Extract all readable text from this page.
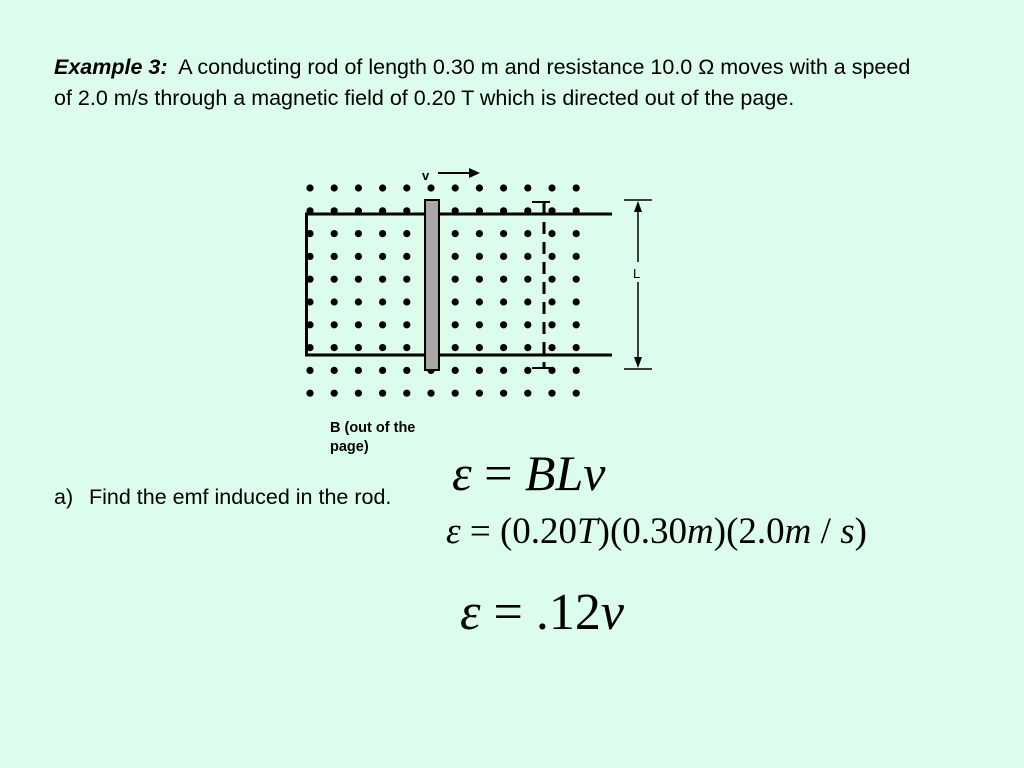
Example 3: A conducting rod of length 0.30 m and resistance 10.0 Ω moves with a speed of 2.0 m/s through a magnetic field of 0.20 T which is directed out of the page.
v
L
B (out of the page)
a) Find the emf induced in the rod.	ε = BLv
ε = (0.20T)(0.30m)(2.0m / s)
ε = .12v
